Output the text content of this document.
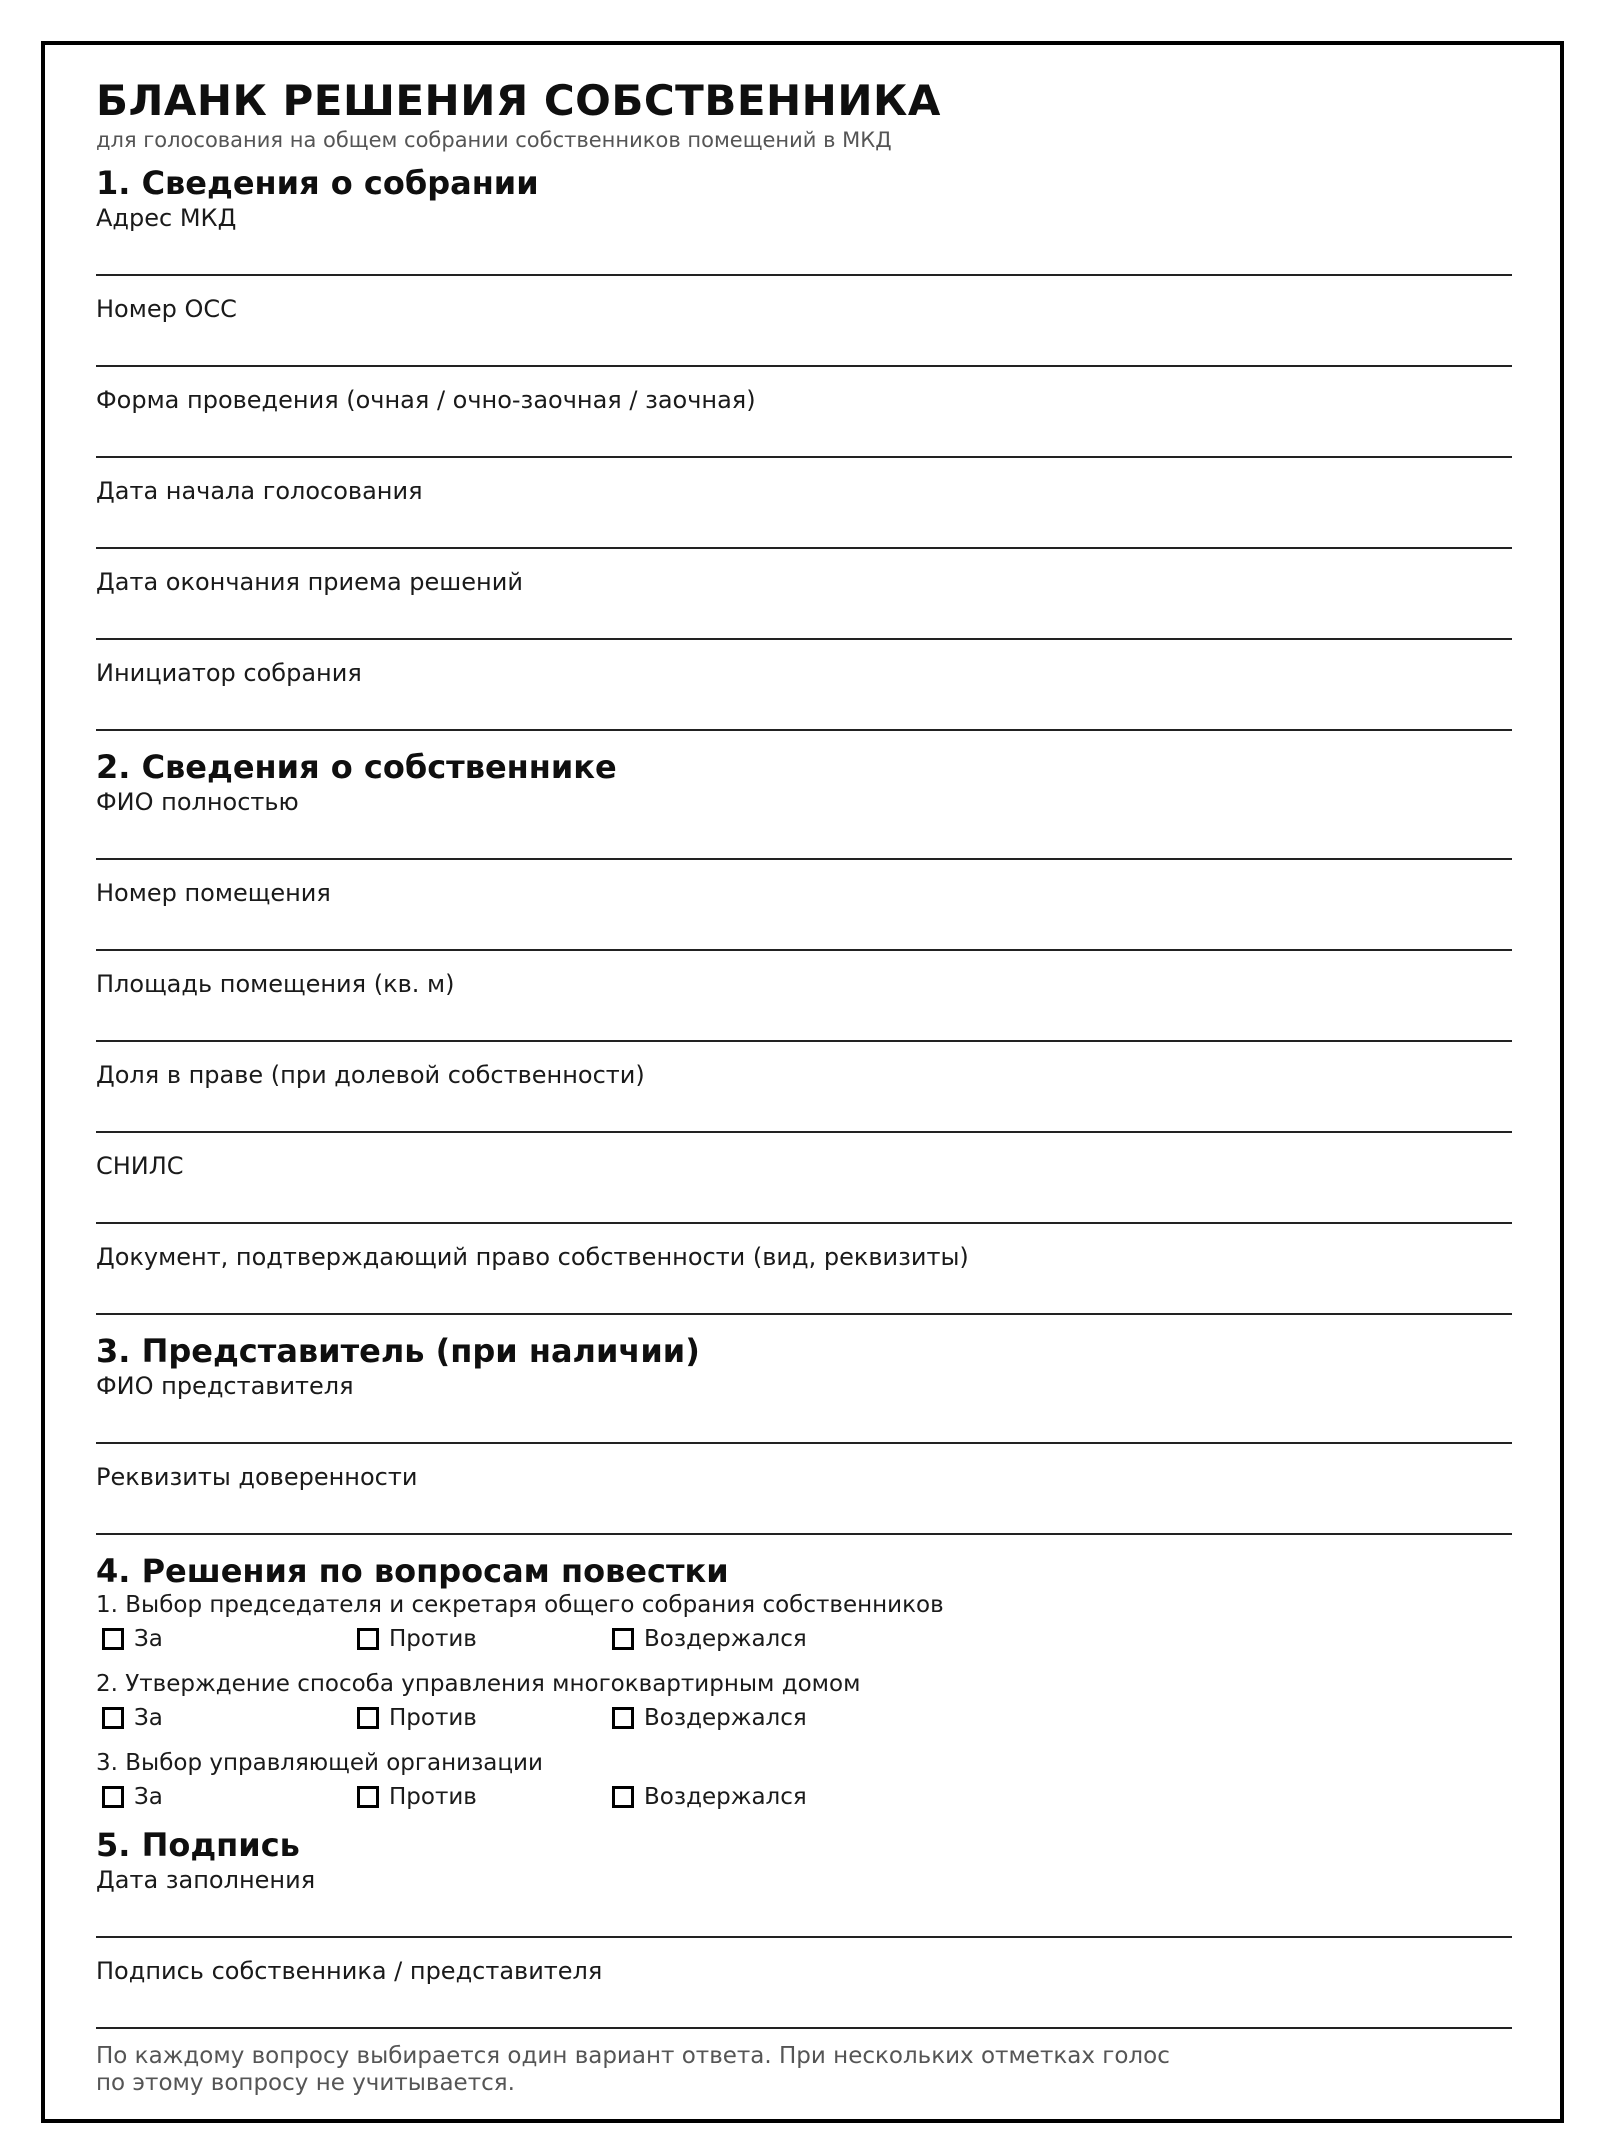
БЛАНК РЕШЕНИЯ СОБСТВЕННИКА
для голосования на общем собрании собственников помещений в МКД
1. Сведения о собрании
Адрес МКД
Номер ОСС
Форма проведения (очная / очно-заочная / заочная)
Дата начала голосования
Дата окончания приема решений
Инициатор собрания
2. Сведения о собственнике
ФИО полностью
Номер помещения
Площадь помещения (кв. м)
Доля в праве (при долевой собственности)
СНИЛС
Документ, подтверждающий право собственности (вид, реквизиты)
3. Представитель (при наличии)
ФИО представителя
Реквизиты доверенности
4. Решения по вопросам повестки
1. Выбор председателя и секретаря общего собрания собственников
За	Против	Воздержался
2. Утверждение способа управления многоквартирным домом
За	Против	Воздержался
3. Выбор управляющей организации
За	Против	Воздержался
5. Подпись
Дата заполнения
Подпись собственника / представителя
По каждому вопросу выбирается один вариант ответа. При нескольких отметках голос по этому вопросу не учитывается.
